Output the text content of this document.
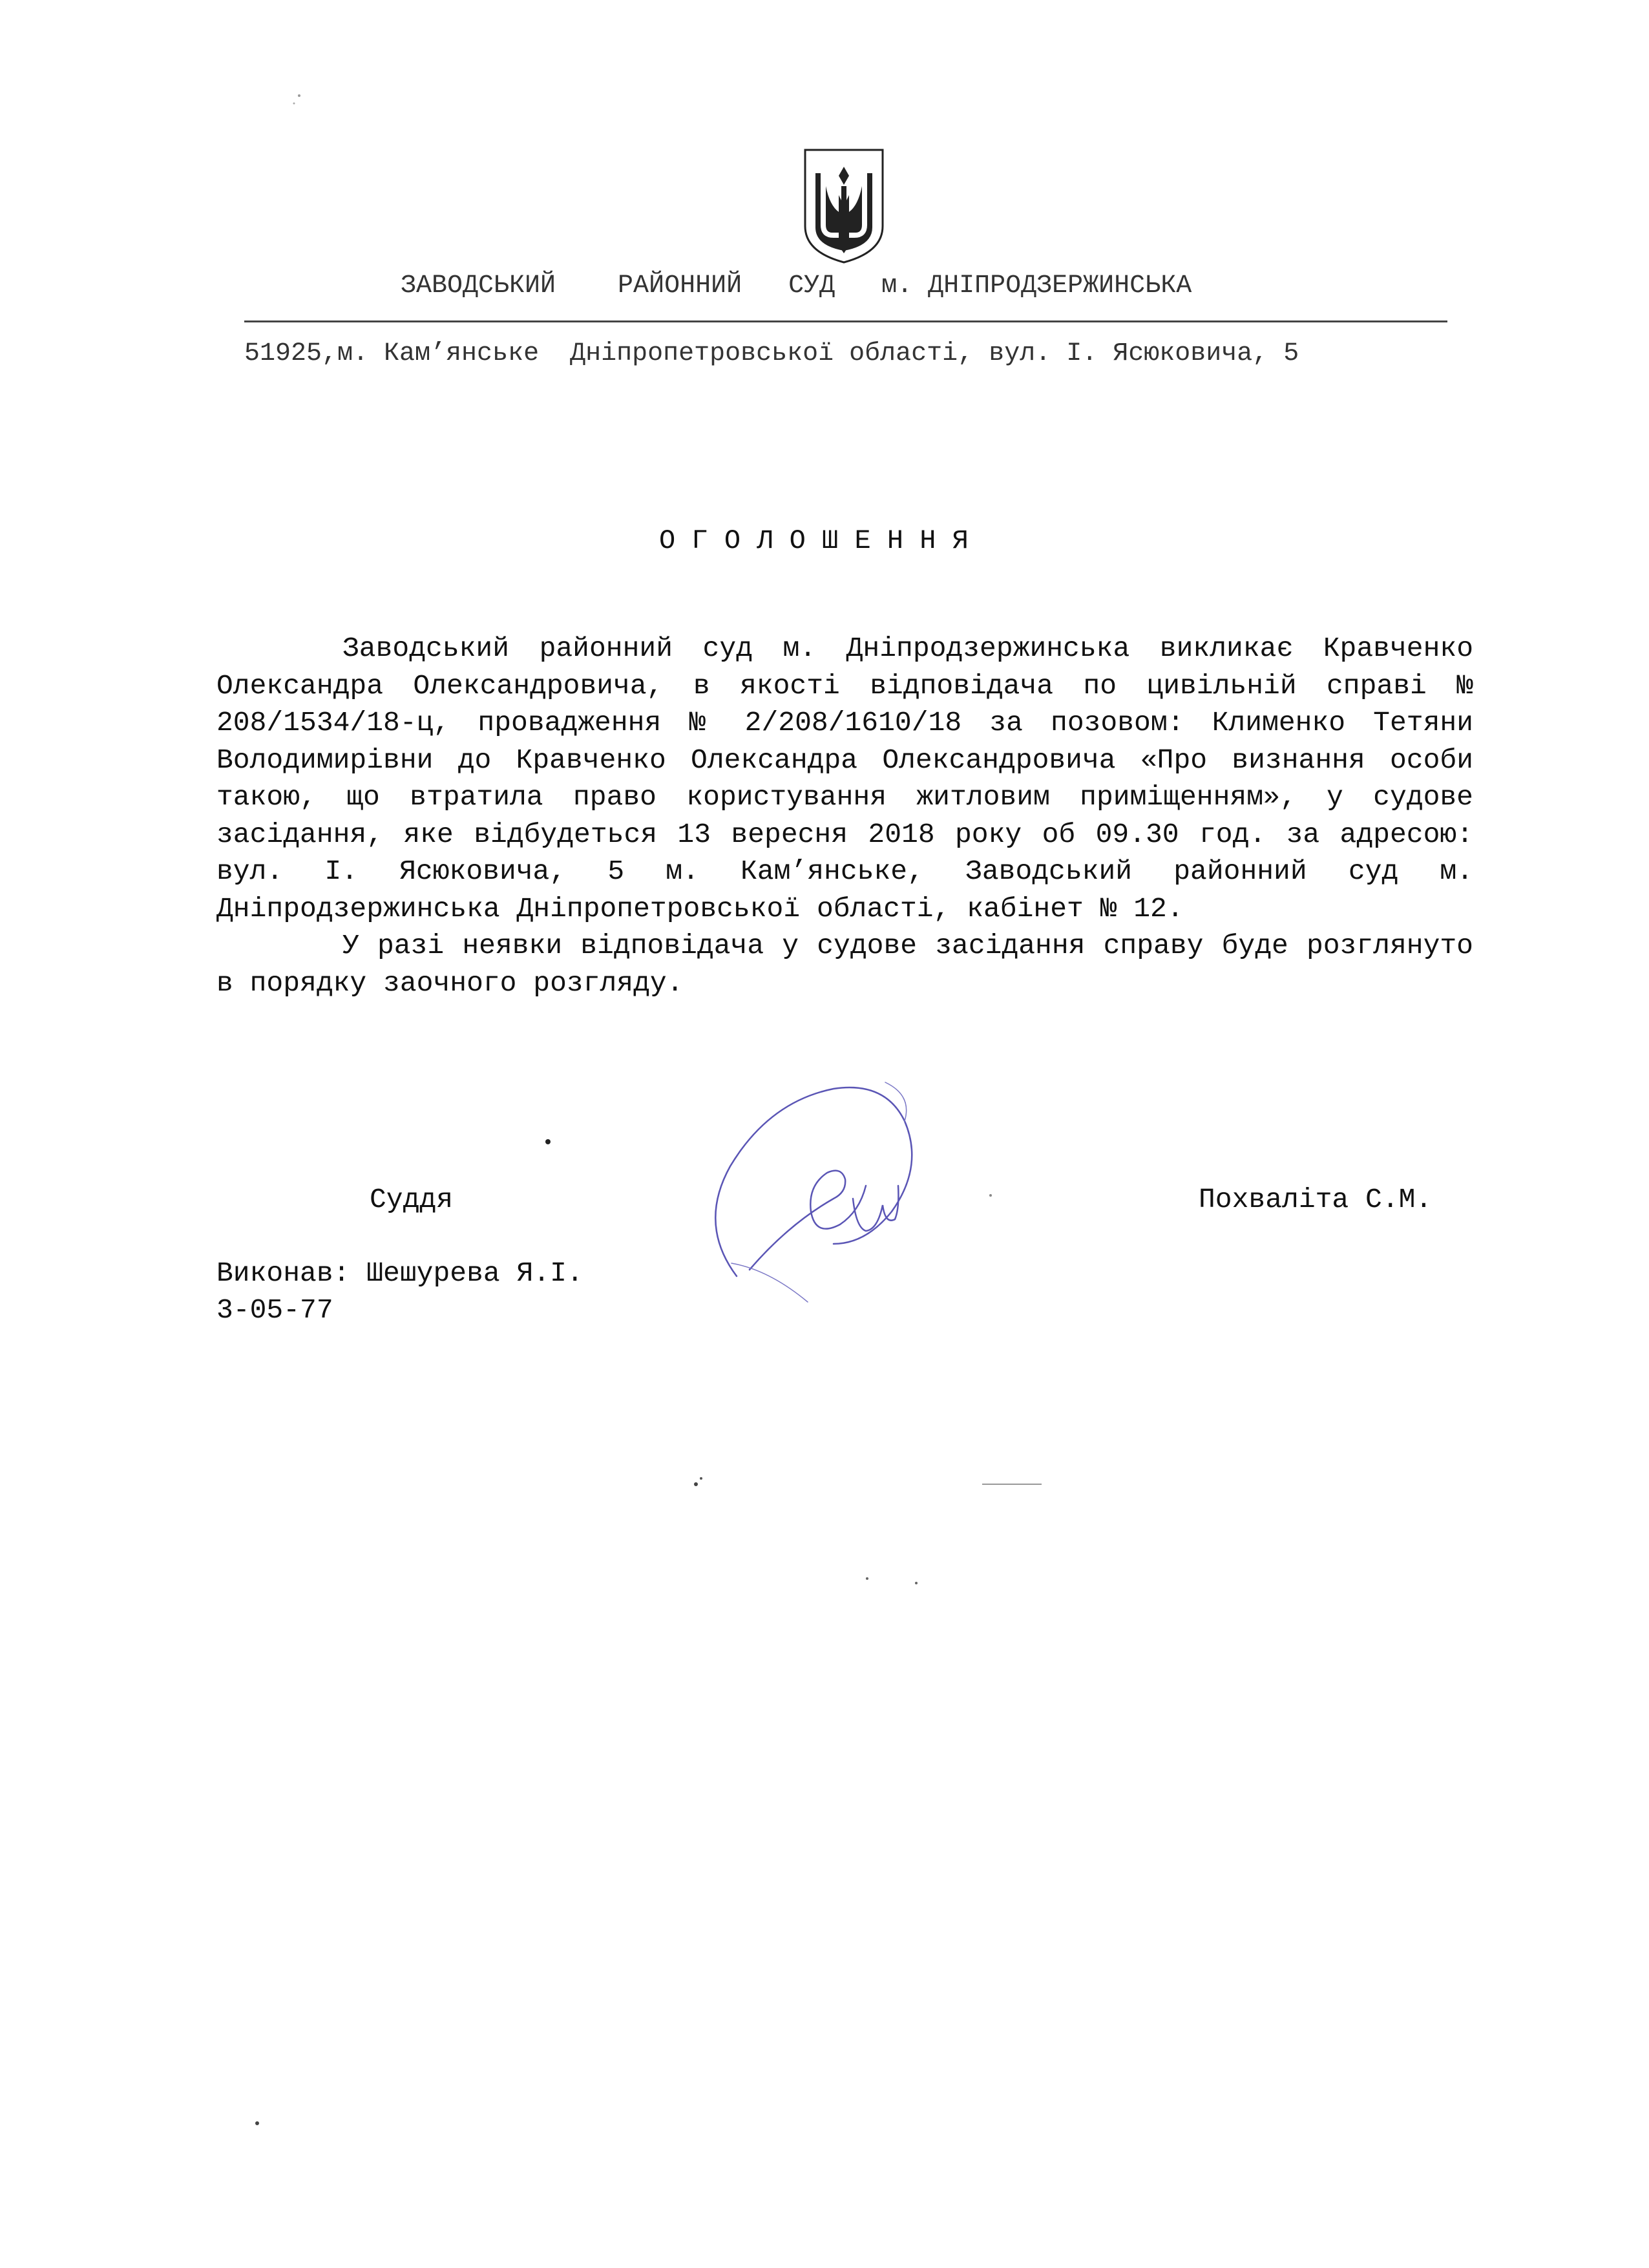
ЗАВОДСЬКИЙ    РАЙОННИЙ   СУД   м. ДНІПРОДЗЕРЖИНСЬКА
51925,м. Кам’янське  Дніпропетровської області, вул. І. Ясюковича, 5
О Г О Л О Ш Е Н Н Я

Заводський районний суд м. Дніпродзержинська викликає Кравченко Олександра Олександровича, в якості відповідача по цивільній справі № 208/1534/18-ц, провадження № 2/208/1610/18 за позовом: Клименко Тетяни Володимирівни до Кравченко Олександра Олександровича «Про визнання особи такою, що втратила право користування житловим приміщенням», у судове засідання, яке відбудеться 13 вересня 2018 року об 09.30 год. за адресою: вул. І. Ясюковича, 5 м. Кам’янське, Заводський районний суд м. Дніпродзержинська Дніпропетровської області, кабінет № 12.

У разі неявки відповідача у судове засідання справу буде розглянуто в порядку заочного розгляду.

Суддя	Похваліта С.М.
Виконав: Шешурева Я.І.
3-05-77
